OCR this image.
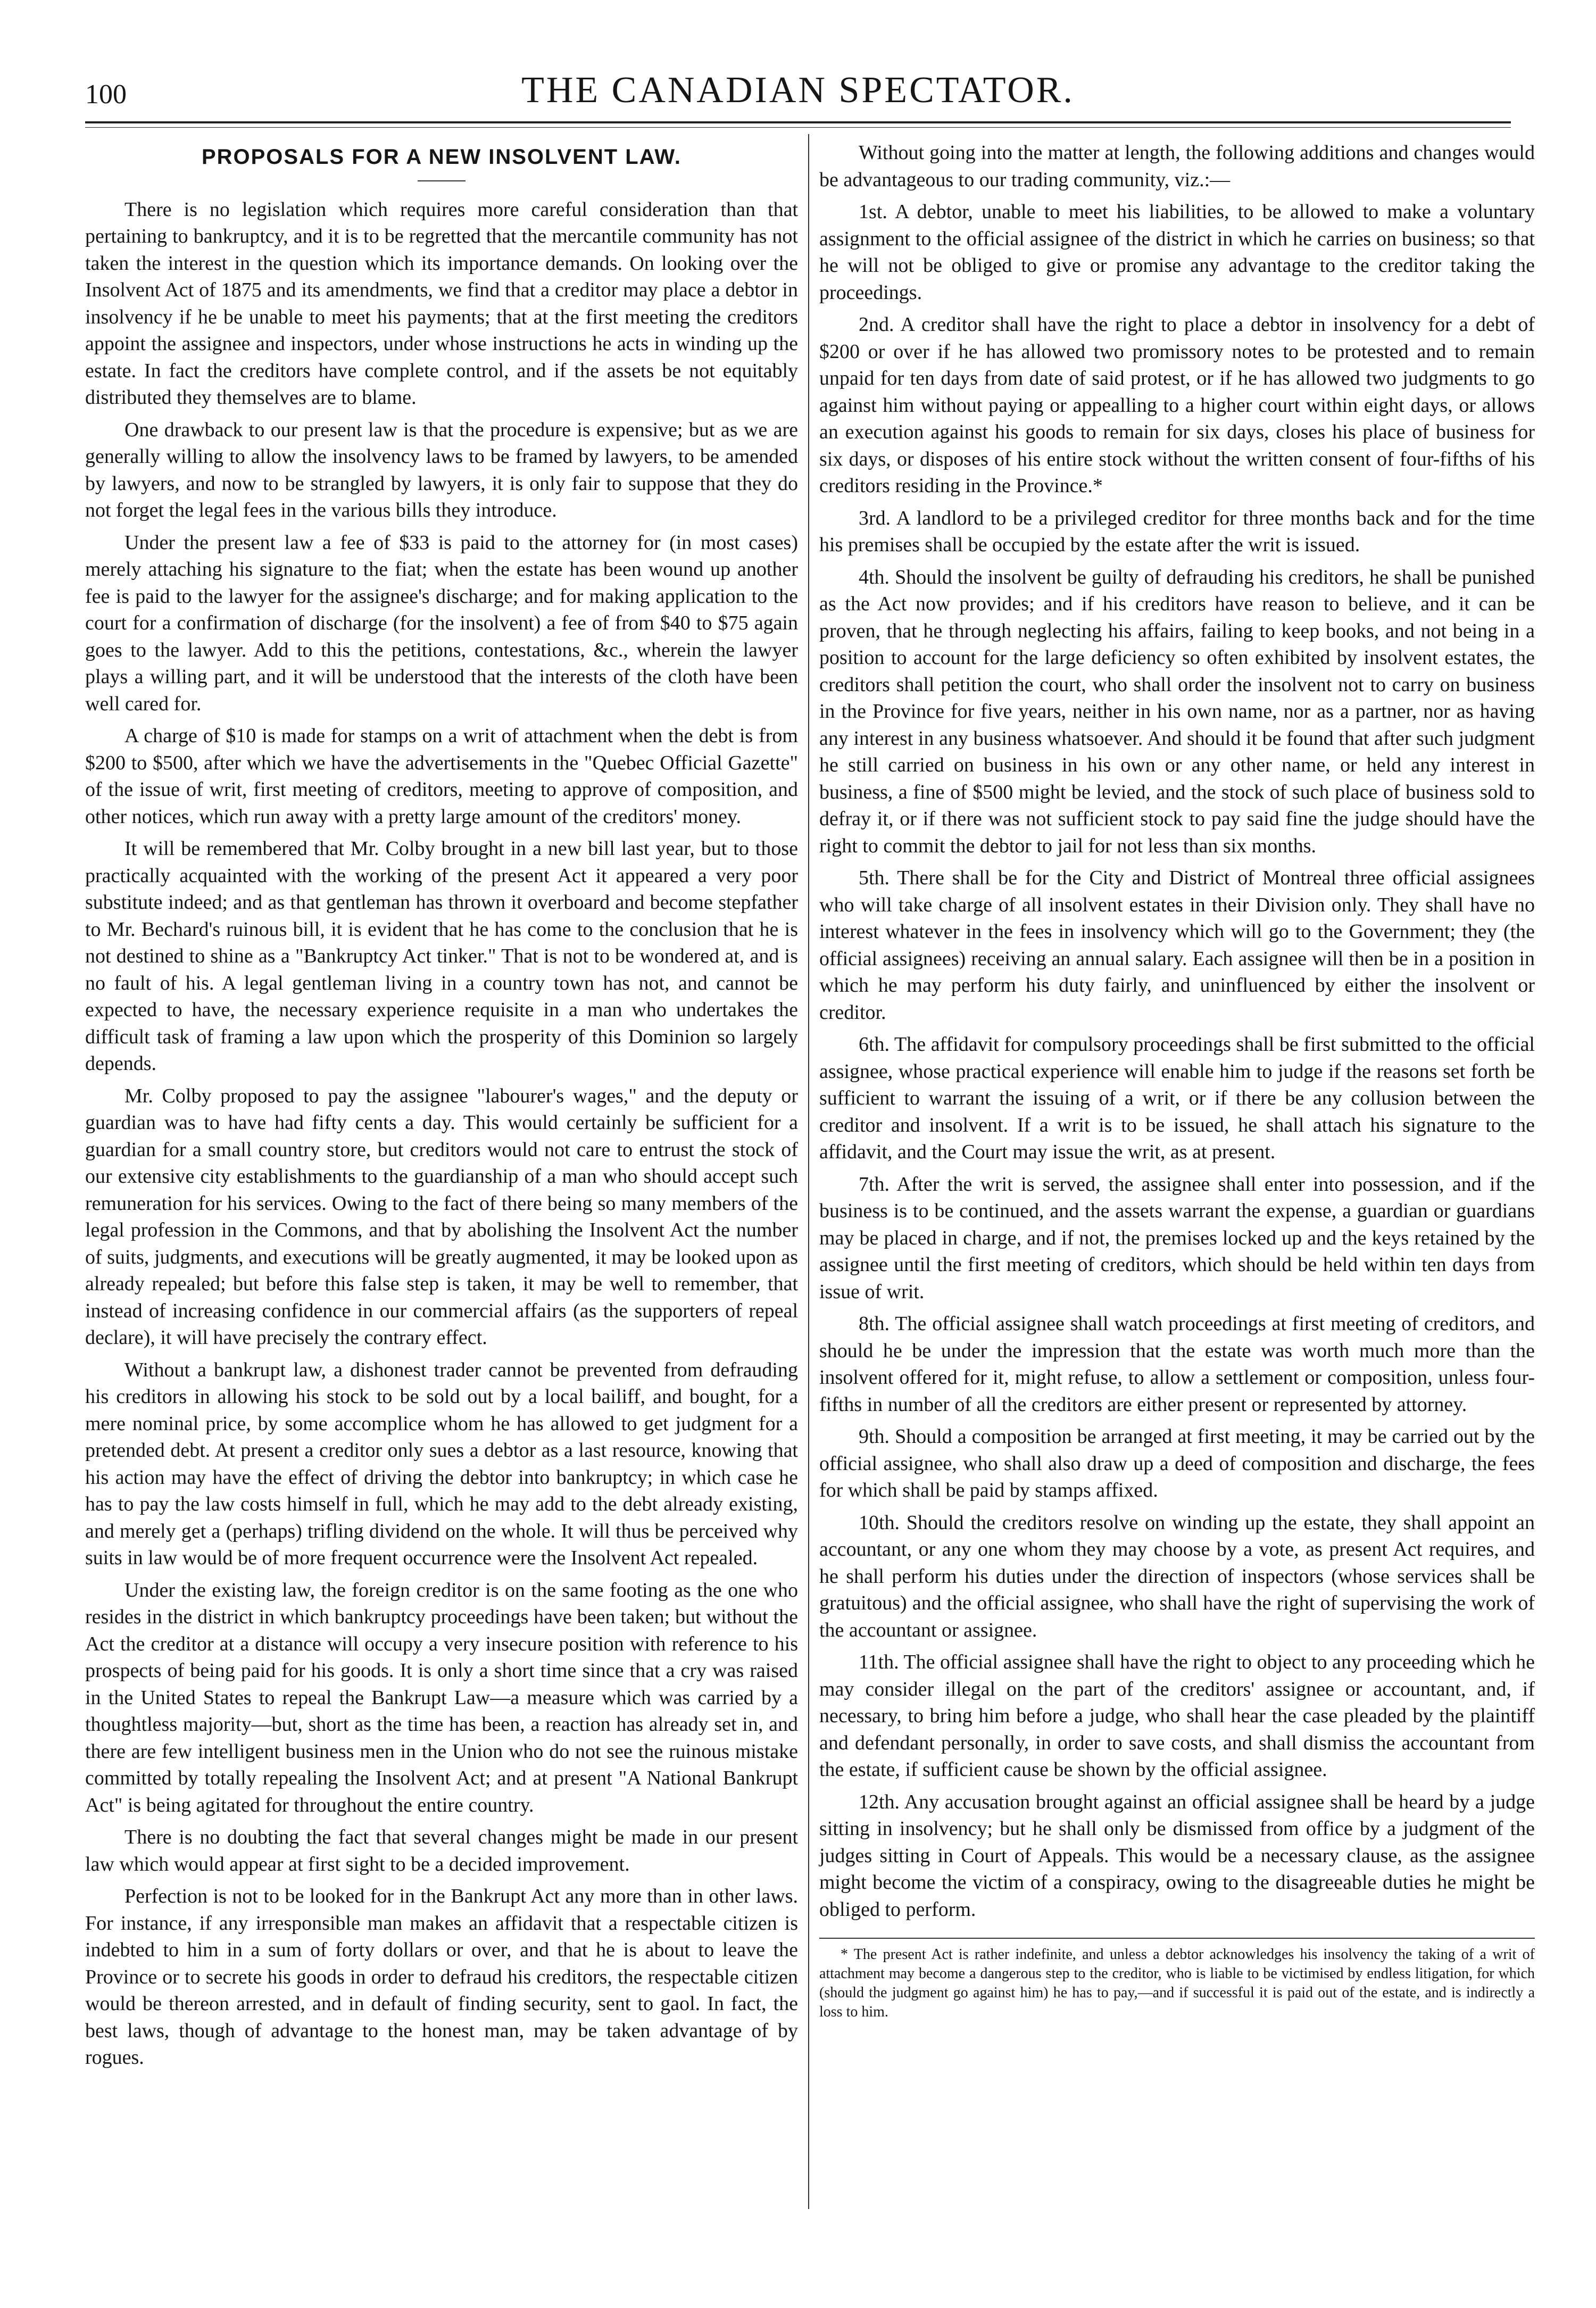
100	THE CANADIAN SPECTATOR.
PROPOSALS FOR A NEW INSOLVENT LAW.

There is no legislation which requires more careful consideration than that pertaining to bankruptcy, and it is to be regretted that the mercantile community has not taken the interest in the question which its importance demands. On looking over the Insolvent Act of 1875 and its amendments, we find that a creditor may place a debtor in insolvency if he be unable to meet his payments; that at the first meeting the creditors appoint the assignee and inspectors, under whose instructions he acts in winding up the estate. In fact the creditors have complete control, and if the assets be not equitably distributed they themselves are to blame.

One drawback to our present law is that the procedure is expensive; but as we are generally willing to allow the insolvency laws to be framed by lawyers, to be amended by lawyers, and now to be strangled by lawyers, it is only fair to suppose that they do not forget the legal fees in the various bills they introduce.

Under the present law a fee of $33 is paid to the attorney for (in most cases) merely attaching his signature to the fiat; when the estate has been wound up another fee is paid to the lawyer for the assignee's discharge; and for making application to the court for a confirmation of discharge (for the insolvent) a fee of from $40 to $75 again goes to the lawyer. Add to this the petitions, contestations, &c., wherein the lawyer plays a willing part, and it will be understood that the interests of the cloth have been well cared for.

A charge of $10 is made for stamps on a writ of attachment when the debt is from $200 to $500, after which we have the advertisements in the "Quebec Official Gazette" of the issue of writ, first meeting of creditors, meeting to approve of composition, and other notices, which run away with a pretty large amount of the creditors' money.

It will be remembered that Mr. Colby brought in a new bill last year, but to those practically acquainted with the working of the present Act it appeared a very poor substitute indeed; and as that gentleman has thrown it overboard and become stepfather to Mr. Bechard's ruinous bill, it is evident that he has come to the conclusion that he is not destined to shine as a "Bankruptcy Act tinker." That is not to be wondered at, and is no fault of his. A legal gentleman living in a country town has not, and cannot be expected to have, the necessary experience requisite in a man who undertakes the difficult task of framing a law upon which the prosperity of this Dominion so largely depends.

Mr. Colby proposed to pay the assignee "labourer's wages," and the deputy or guardian was to have had fifty cents a day. This would certainly be sufficient for a guardian for a small country store, but creditors would not care to entrust the stock of our extensive city establishments to the guardianship of a man who should accept such remuneration for his services. Owing to the fact of there being so many members of the legal profession in the Commons, and that by abolishing the Insolvent Act the number of suits, judgments, and executions will be greatly augmented, it may be looked upon as already repealed; but before this false step is taken, it may be well to remember, that instead of increasing confidence in our commercial affairs (as the supporters of repeal declare), it will have precisely the contrary effect.

Without a bankrupt law, a dishonest trader cannot be prevented from defrauding his creditors in allowing his stock to be sold out by a local bailiff, and bought, for a mere nominal price, by some accomplice whom he has allowed to get judgment for a pretended debt. At present a creditor only sues a debtor as a last resource, knowing that his action may have the effect of driving the debtor into bankruptcy; in which case he has to pay the law costs himself in full, which he may add to the debt already existing, and merely get a (perhaps) trifling dividend on the whole. It will thus be perceived why suits in law would be of more frequent occurrence were the Insolvent Act repealed.

Under the existing law, the foreign creditor is on the same footing as the one who resides in the district in which bankruptcy proceedings have been taken; but without the Act the creditor at a distance will occupy a very insecure position with reference to his prospects of being paid for his goods. It is only a short time since that a cry was raised in the United States to repeal the Bankrupt Law—a measure which was carried by a thoughtless majority—but, short as the time has been, a reaction has already set in, and there are few intelligent business men in the Union who do not see the ruinous mistake committed by totally repealing the Insolvent Act; and at present "A National Bankrupt Act" is being agitated for throughout the entire country.

There is no doubting the fact that several changes might be made in our present law which would appear at first sight to be a decided improvement.

Perfection is not to be looked for in the Bankrupt Act any more than in other laws. For instance, if any irresponsible man makes an affidavit that a respectable citizen is indebted to him in a sum of forty dollars or over, and that he is about to leave the Province or to secrete his goods in order to defraud his creditors, the respectable citizen would be thereon arrested, and in default of finding security, sent to gaol. In fact, the best laws, though of advantage to the honest man, may be taken advantage of by rogues.

Without going into the matter at length, the following additions and changes would be advantageous to our trading community, viz.:—

1st. A debtor, unable to meet his liabilities, to be allowed to make a voluntary assignment to the official assignee of the district in which he carries on business; so that he will not be obliged to give or promise any advantage to the creditor taking the proceedings.

2nd. A creditor shall have the right to place a debtor in insolvency for a debt of $200 or over if he has allowed two promissory notes to be protested and to remain unpaid for ten days from date of said protest, or if he has allowed two judgments to go against him without paying or appealling to a higher court within eight days, or allows an execution against his goods to remain for six days, closes his place of business for six days, or disposes of his entire stock without the written consent of four-fifths of his creditors residing in the Province.*

3rd. A landlord to be a privileged creditor for three months back and for the time his premises shall be occupied by the estate after the writ is issued.

4th. Should the insolvent be guilty of defrauding his creditors, he shall be punished as the Act now provides; and if his creditors have reason to believe, and it can be proven, that he through neglecting his affairs, failing to keep books, and not being in a position to account for the large deficiency so often exhibited by insolvent estates, the creditors shall petition the court, who shall order the insolvent not to carry on business in the Province for five years, neither in his own name, nor as a partner, nor as having any interest in any business whatsoever. And should it be found that after such judgment he still carried on business in his own or any other name, or held any interest in business, a fine of $500 might be levied, and the stock of such place of business sold to defray it, or if there was not sufficient stock to pay said fine the judge should have the right to commit the debtor to jail for not less than six months.

5th. There shall be for the City and District of Montreal three official assignees who will take charge of all insolvent estates in their Division only. They shall have no interest whatever in the fees in insolvency which will go to the Government; they (the official assignees) receiving an annual salary. Each assignee will then be in a position in which he may perform his duty fairly, and uninfluenced by either the insolvent or creditor.

6th. The affidavit for compulsory proceedings shall be first submitted to the official assignee, whose practical experience will enable him to judge if the reasons set forth be sufficient to warrant the issuing of a writ, or if there be any collusion between the creditor and insolvent. If a writ is to be issued, he shall attach his signature to the affidavit, and the Court may issue the writ, as at present.

7th. After the writ is served, the assignee shall enter into possession, and if the business is to be continued, and the assets warrant the expense, a guardian or guardians may be placed in charge, and if not, the premises locked up and the keys retained by the assignee until the first meeting of creditors, which should be held within ten days from issue of writ.

8th. The official assignee shall watch proceedings at first meeting of creditors, and should he be under the impression that the estate was worth much more than the insolvent offered for it, might refuse, to allow a settlement or composition, unless four-fifths in number of all the creditors are either present or represented by attorney.

9th. Should a composition be arranged at first meeting, it may be carried out by the official assignee, who shall also draw up a deed of composition and discharge, the fees for which shall be paid by stamps affixed.

10th. Should the creditors resolve on winding up the estate, they shall appoint an accountant, or any one whom they may choose by a vote, as present Act requires, and he shall perform his duties under the direction of inspectors (whose services shall be gratuitous) and the official assignee, who shall have the right of supervising the work of the accountant or assignee.

11th. The official assignee shall have the right to object to any proceeding which he may consider illegal on the part of the creditors' assignee or accountant, and, if necessary, to bring him before a judge, who shall hear the case pleaded by the plaintiff and defendant personally, in order to save costs, and shall dismiss the accountant from the estate, if sufficient cause be shown by the official assignee.

12th. Any accusation brought against an official assignee shall be heard by a judge sitting in insolvency; but he shall only be dismissed from office by a judgment of the judges sitting in Court of Appeals. This would be a necessary clause, as the assignee might become the victim of a conspiracy, owing to the disagreeable duties he might be obliged to perform.

* The present Act is rather indefinite, and unless a debtor acknowledges his insolvency the taking of a writ of attachment may become a dangerous step to the creditor, who is liable to be victimised by endless litigation, for which (should the judgment go against him) he has to pay,—and if successful it is paid out of the estate, and is indirectly a loss to him.
